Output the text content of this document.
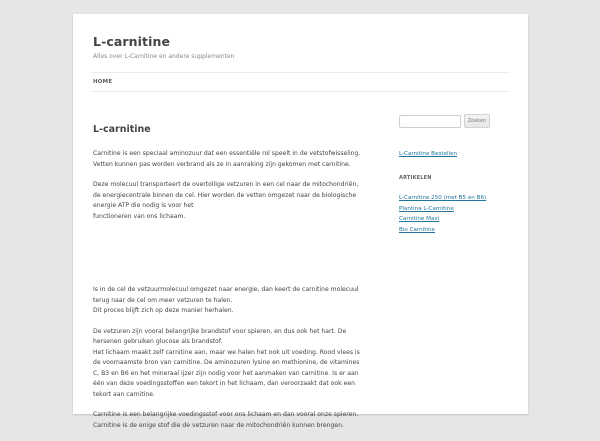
L-carnitine
Alles over L-Carnitine en andere supplementen
HOME
L-carnitine

Carnitine is een speciaal aminozuur dat een essentiële rol speelt in de vetstofwisseling. Vetten kunnen pas worden verbrand als ze in aanraking zijn gekomen met carnitine.

Deze molecuul transporteert de overtollige vetzuren in een cel naar de mitochondriën, de energiecentrale binnen de cel. Hier worden de vetten omgezet naar de biologische energie ATP die nodig is voor het
functioneren van ons lichaam.

Is in de cel de vetzuurmolecuul omgezet naar energie, dan keert de carnitine molecuul terug naar de cel om meer vetzuren te halen.
Dit proces blijft zich op deze manier herhalen.

De vetzuren zijn vooral belangrijke brandstof voor spieren, en dus ook het hart. De hersenen gebruiken glucose als brandstof.
Het lichaam maakt zelf carnitine aan, maar we halen het ook uit voeding. Rood vlees is de voornaamste bron van carnitine. De aminozuren lysine en methionine, de vitamines C, B3 en B6 en het mineraal ijzer zijn nodig voor het aanmaken van carnitine. Is er aan één van deze voedingsstoffen een tekort in het lichaam, dan veroorzaakt dat ook een tekort aan carnitine.

Carnitine is een belangrijke voedingsstof voor ons lichaam en dan vooral onze spieren.
Carnitine is de enige stof die de vetzuren naar de mitochondriën kunnen brengen.

Zoeken
L-Carnitine Bestellen
ARTIKELEN
L-Carnitine 250 (met B5 en B6)
Plantina L-Carnitine
Carnitine Maxi
Bio Carnitine
